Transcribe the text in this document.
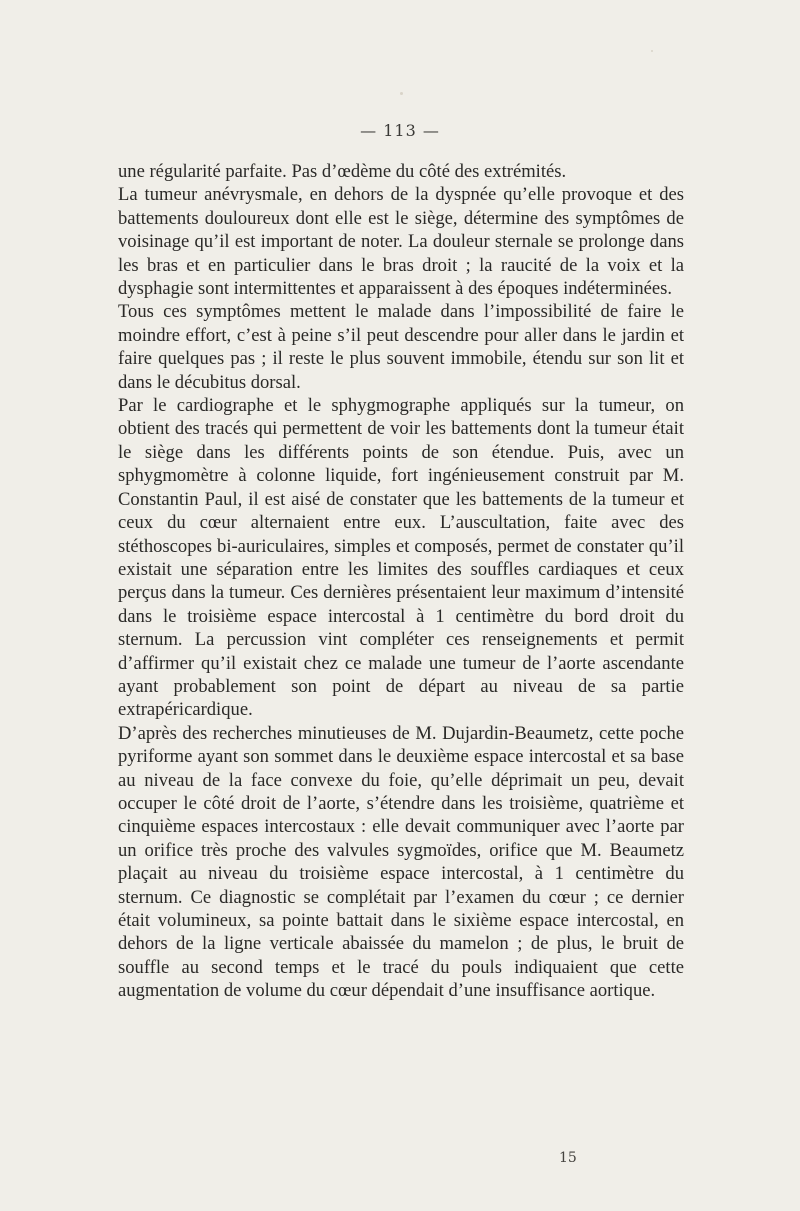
— 113 —

une régularité parfaite. Pas d’œdème du côté des extrémités.

La tumeur anévrysmale, en dehors de la dyspnée qu’elle provoque et des battements douloureux dont elle est le siège, détermine des symptômes de voisinage qu’il est important de noter. La douleur sternale se prolonge dans les bras et en particulier dans le bras droit ; la raucité de la voix et la dysphagie sont intermittentes et apparaissent à des époques indéterminées.

Tous ces symptômes mettent le malade dans l’impossibilité de faire le moindre effort, c’est à peine s’il peut descendre pour aller dans le jardin et faire quelques pas ; il reste le plus souvent immobile, étendu sur son lit et dans le décubitus dorsal.

Par le cardiographe et le sphygmographe appliqués sur la tumeur, on obtient des tracés qui permettent de voir les battements dont la tumeur était le siège dans les différents points de son étendue. Puis, avec un sphygmomètre à colonne liquide, fort ingénieusement construit par M. Constantin Paul, il est aisé de constater que les battements de la tumeur et ceux du cœur alternaient entre eux. L’auscultation, faite avec des stéthoscopes bi-auriculaires, simples et composés, permet de constater qu’il existait une séparation entre les limites des souffles cardiaques et ceux perçus dans la tumeur. Ces dernières présentaient leur maximum d’intensité dans le troisième espace intercostal à 1 centimètre du bord droit du sternum. La percussion vint compléter ces renseignements et permit d’affirmer qu’il existait chez ce malade une tumeur de l’aorte ascendante ayant probablement son point de départ au niveau de sa partie extrapéricardique.

D’après des recherches minutieuses de M. Dujardin-Beaumetz, cette poche pyriforme ayant son sommet dans le deuxième espace intercostal et sa base au niveau de la face convexe du foie, qu’elle déprimait un peu, devait occuper le côté droit de l’aorte, s’étendre dans les troisième, quatrième et cinquième espaces intercostaux : elle devait communiquer avec l’aorte par un orifice très proche des valvules sygmoïdes, orifice que M. Beaumetz plaçait au niveau du troisième espace intercostal, à 1 centimètre du sternum. Ce diagnostic se complétait par l’examen du cœur ; ce dernier était volumineux, sa pointe battait dans le sixième espace intercostal, en dehors de la ligne verticale abaissée du mamelon ; de plus, le bruit de souffle au second temps et le tracé du pouls indiquaient que cette augmentation de volume du cœur dépendait d’une insuffisance aortique.

15
